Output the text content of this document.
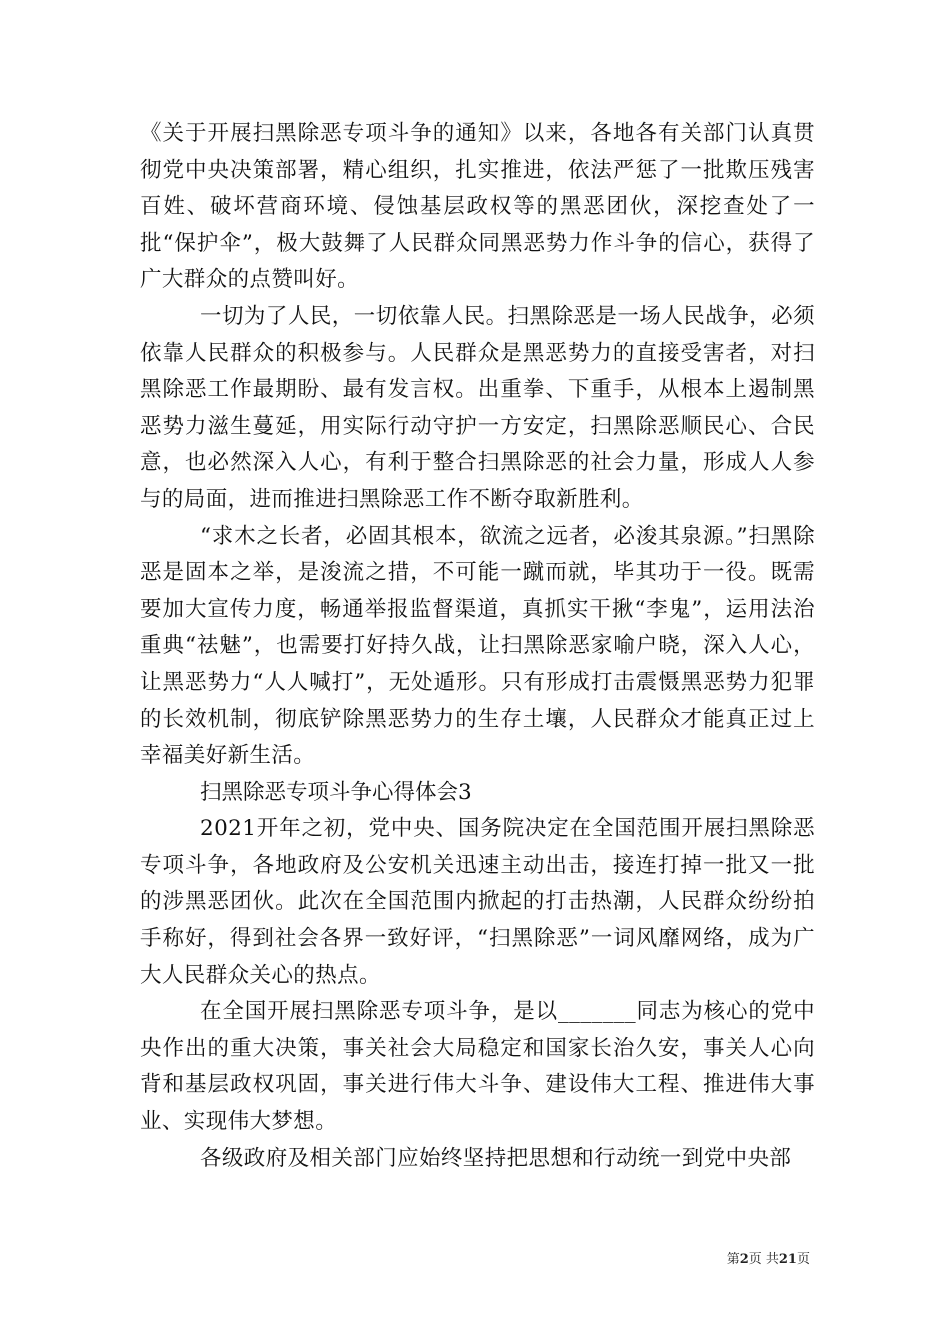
《关于开展扫黑除恶专项斗争的通知》以来，各地各有关部门认真贯彻党中央决策部署，精心组织，扎实推进，依法严惩了一批欺压残害百姓、破坏营商环境、侵蚀基层政权等的黑恶团伙，深挖查处了一批“保护伞”，极大鼓舞了人民群众同黑恶势力作斗争的信心，获得了广大群众的点赞叫好。

一切为了人民，一切依靠人民。扫黑除恶是一场人民战争，必须依靠人民群众的积极参与。人民群众是黑恶势力的直接受害者，对扫黑除恶工作最期盼、最有发言权。出重拳、下重手，从根本上遏制黑恶势力滋生蔓延，用实际行动守护一方安定，扫黑除恶顺民心、合民意，也必然深入人心，有利于整合扫黑除恶的社会力量，形成人人参与的局面，进而推进扫黑除恶工作不断夺取新胜利。

“求木之长者，必固其根本，欲流之远者，必浚其泉源。”扫黑除恶是固本之举，是浚流之措，不可能一蹴而就，毕其功于一役。既需要加大宣传力度，畅通举报监督渠道，真抓实干揪“李鬼”，运用法治重典“祛魅”，也需要打好持久战，让扫黑除恶家喻户晓，深入人心，让黑恶势力“人人喊打”，无处遁形。只有形成打击震慑黑恶势力犯罪的长效机制，彻底铲除黑恶势力的生存土壤，人民群众才能真正过上幸福美好新生活。

扫黑除恶专项斗争心得体会3

2021开年之初，党中央、国务院决定在全国范围开展扫黑除恶专项斗争，各地政府及公安机关迅速主动出击，接连打掉一批又一批的涉黑恶团伙。此次在全国范围内掀起的打击热潮，人民群众纷纷拍手称好，得到社会各界一致好评，“扫黑除恶”一词风靡网络，成为广大人民群众关心的热点。

在全国开展扫黑除恶专项斗争，是以_______同志为核心的党中央作出的重大决策，事关社会大局稳定和国家长治久安，事关人心向背和基层政权巩固，事关进行伟大斗争、建设伟大工程、推进伟大事业、实现伟大梦想。

各级政府及相关部门应始终坚持把思想和行动统一到党中央部

第2页 共21页
